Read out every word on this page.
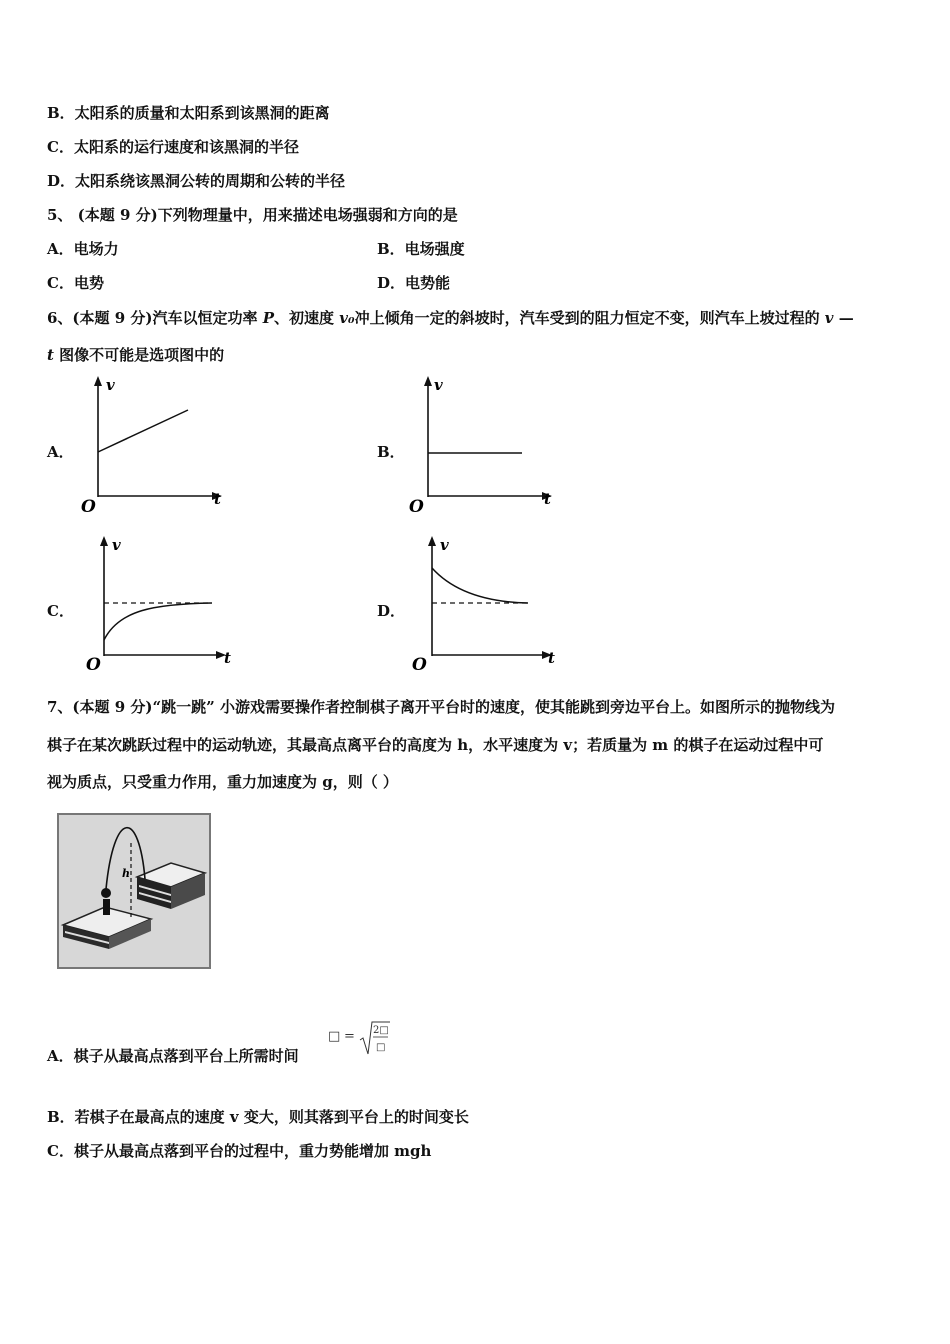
B．太阳系的质量和太阳系到该黑洞的距离
C．太阳系的运行速度和该黑洞的半径
D．太阳系绕该黑洞公转的周期和公转的半径
5、 (本题 9 分)下列物理量中，用来描述电场强弱和方向的是
A．电场力	B．电场强度
C．电势	D．电势能
6、(本题 9 分)汽车以恒定功率 P、初速度 v₀冲上倾角一定的斜坡时，汽车受到的阻力恒定不变，则汽车上坡过程的 v —
t 图像不可能是选项图中的
A．
v
t
O
B．
v
t
O
C．
v
t
O
D．
v
t
O
7、(本题 9 分)“跳一跳” 小游戏需要操作者控制棋子离开平台时的速度，使其能跳到旁边平台上。如图所示的抛物线为
棋子在某次跳跃过程中的运动轨迹，其最高点离平台的高度为 h，水平速度为 v；若质量为 m 的棋子在运动过程中可
视为质点，只受重力作用，重力加速度为 g，则（ ）
h
A．棋子从最高点落到平台上所需时间
□ = 2□
□
B．若棋子在最高点的速度 v 变大，则其落到平台上的时间变长
C．棋子从最高点落到平台的过程中，重力势能增加 mgh
